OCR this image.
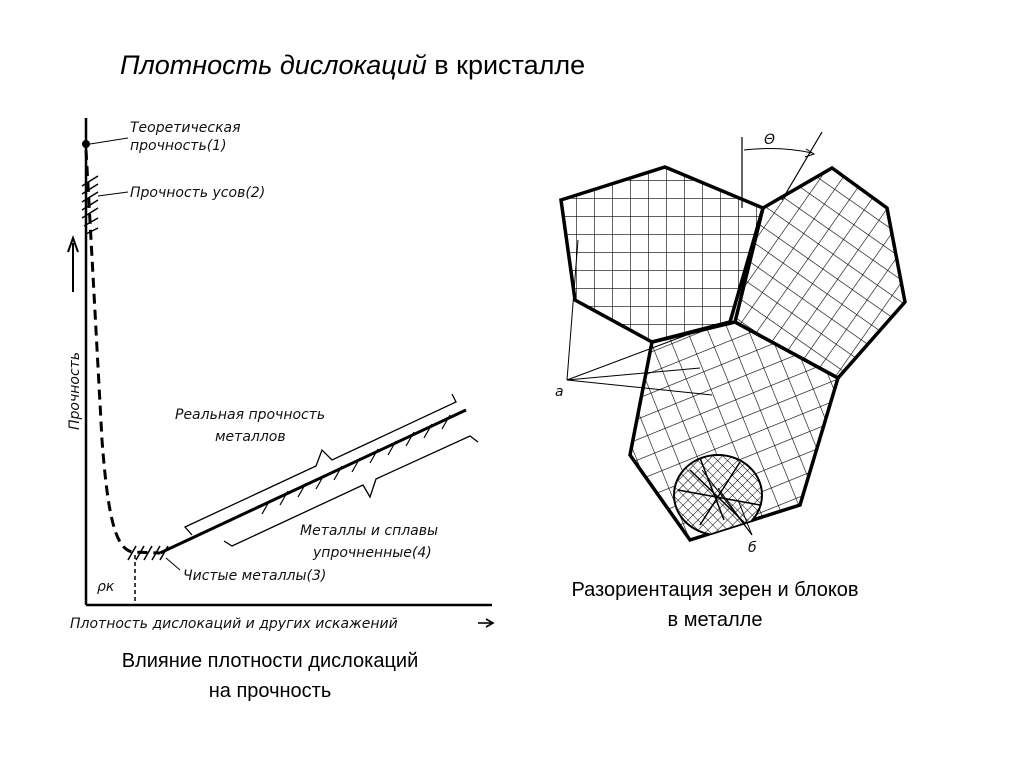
Плотность дислокаций в кристалле
Прочность
ρк
Плотность дислокаций и других искажений
Теоретическая
прочность(1)
Прочность усов(2)
Реальная прочность
металлов
Металлы и сплавы
упрочненные(4)
Чистые металлы(3)
Θ
a
б
Влияние плотности дислокаций
на прочность
Разориентация зерен и блоков
в металле
